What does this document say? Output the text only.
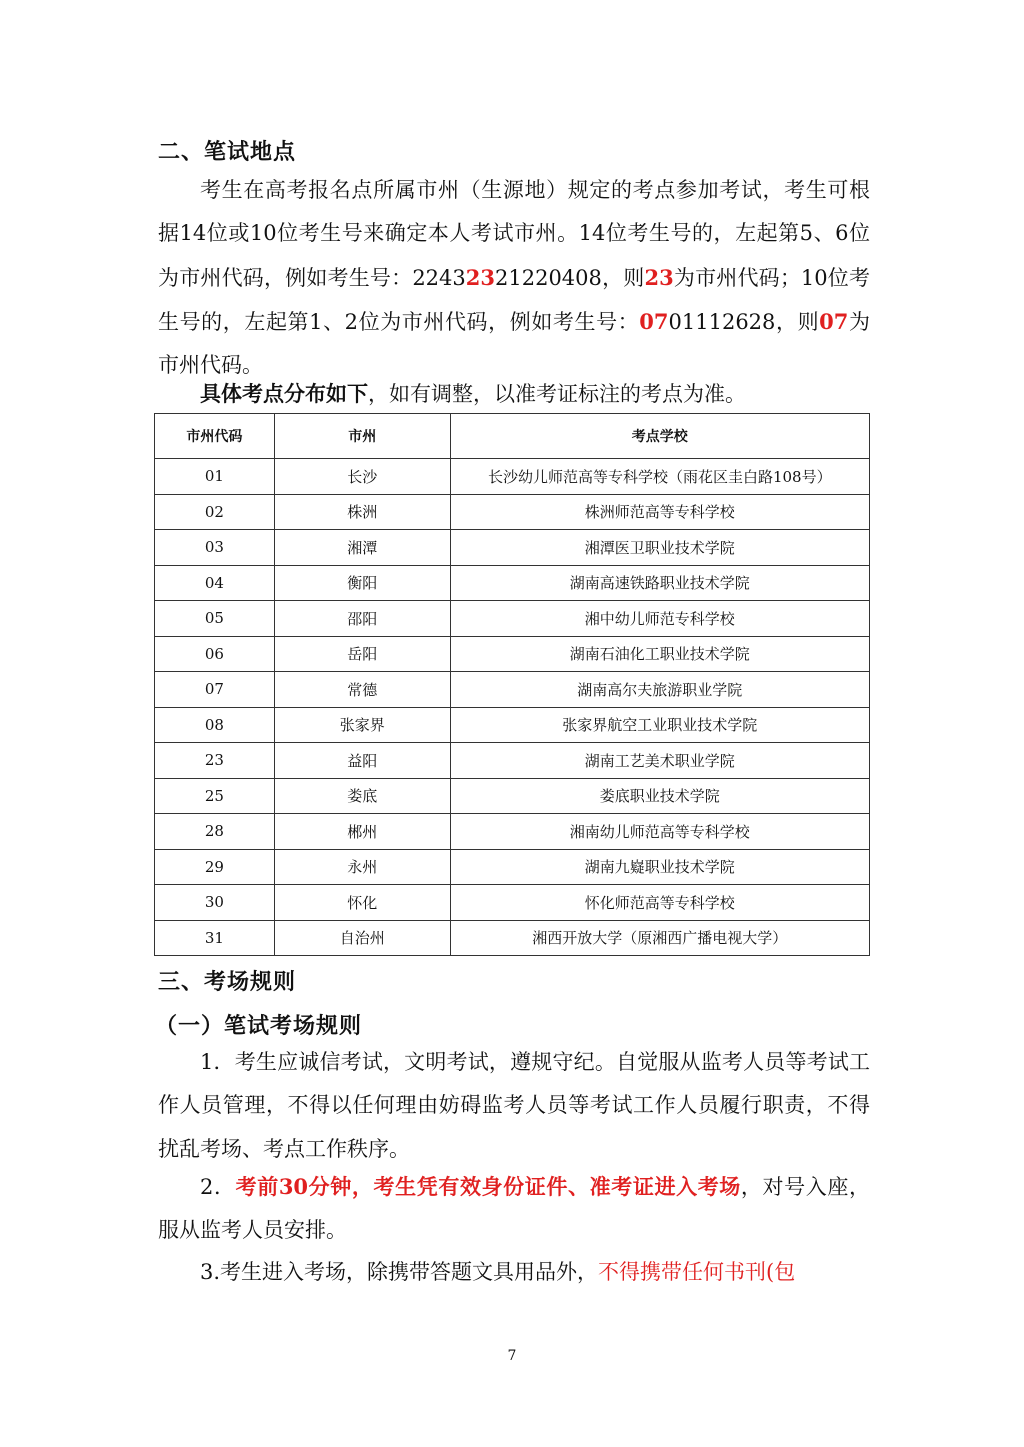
二、笔试地点

考生在高考报名点所属市州（生源地）规定的考点参加考试，考生可根据14位或10位考生号来确定本人考试市州。14位考生号的，左起第5、6位为市州代码，例如考生号：22432321220408，则23为市州代码；10位考生号的，左起第1、2位为市州代码，例如考生号：0701112628，则07为市州代码。

具体考点分布如下，如有调整，以准考证标注的考点为准。

市州代码	市州	考点学校
01	长沙	长沙幼儿师范高等专科学校（雨花区圭白路108号）
02	株洲	株洲师范高等专科学校
03	湘潭	湘潭医卫职业技术学院
04	衡阳	湖南高速铁路职业技术学院
05	邵阳	湘中幼儿师范专科学校
06	岳阳	湖南石油化工职业技术学院
07	常德	湖南高尔夫旅游职业学院
08	张家界	张家界航空工业职业技术学院
23	益阳	湖南工艺美术职业学院
25	娄底	娄底职业技术学院
28	郴州	湘南幼儿师范高等专科学校
29	永州	湖南九嶷职业技术学院
30	怀化	怀化师范高等专科学校
31	自治州	湘西开放大学（原湘西广播电视大学）
三、考场规则
（一）笔试考场规则

1．考生应诚信考试，文明考试，遵规守纪。自觉服从监考人员等考试工作人员管理，不得以任何理由妨碍监考人员等考试工作人员履行职责，不得扰乱考场、考点工作秩序。

2．考前30分钟，考生凭有效身份证件、准考证进入考场，对号入座，服从监考人员安排。

3.考生进入考场，除携带答题文具用品外，不得携带任何书刊(包

7
